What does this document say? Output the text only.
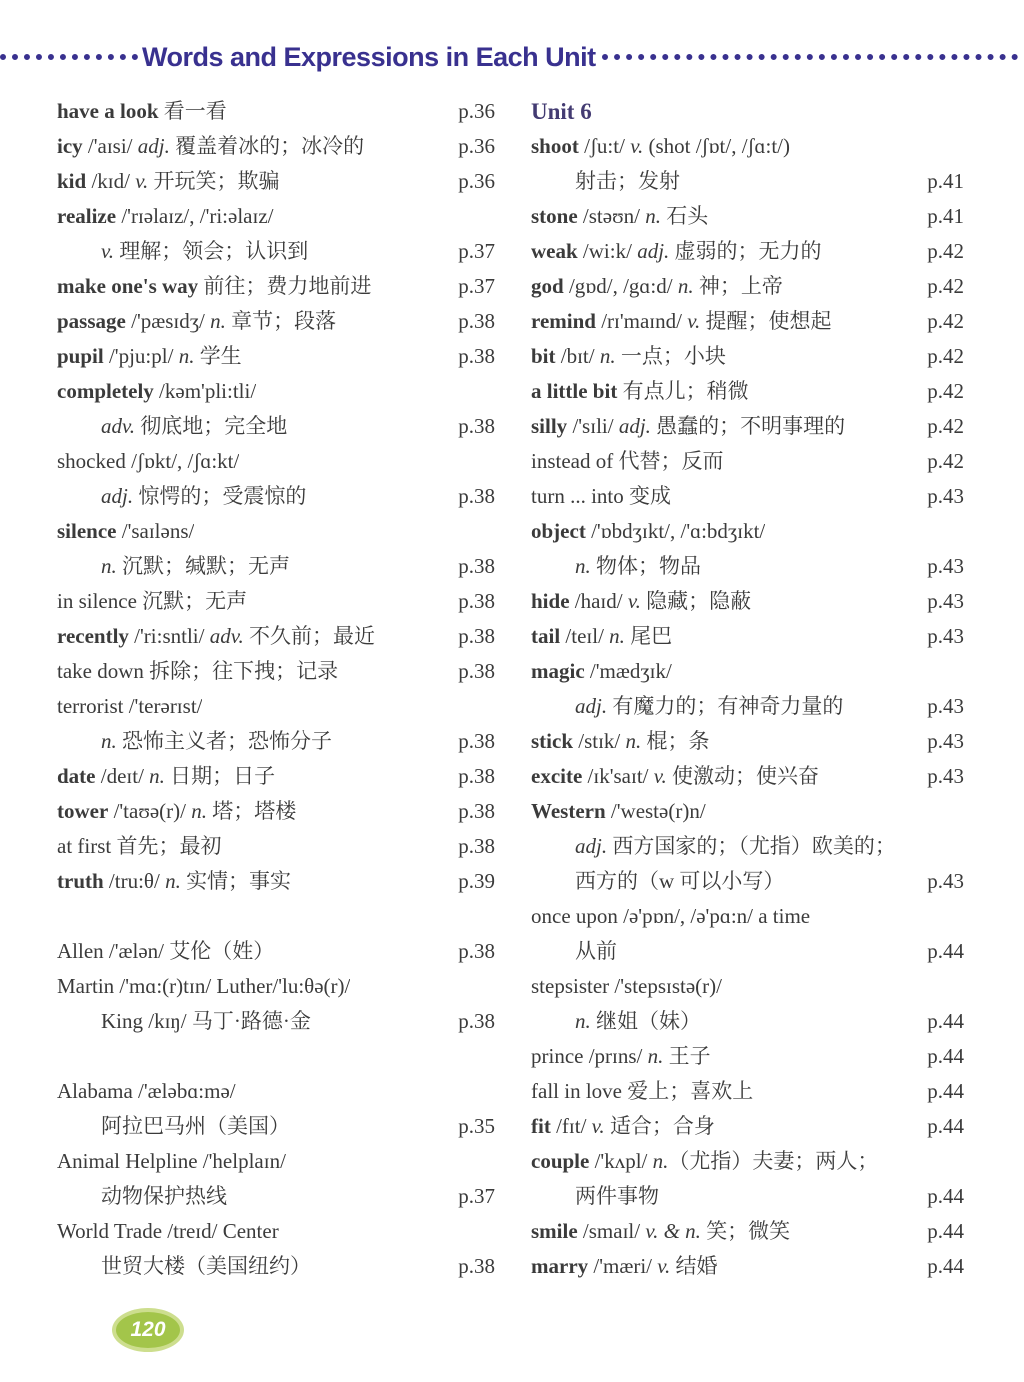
Words and Expressions in Each Unit
have a look 看一看	p.36
icy /'aɪsi/ adj. 覆盖着冰的；冰冷的	p.36
kid /kɪd/ v. 开玩笑；欺骗	p.36
realize /'rɪəlaɪz/, /'ri:əlaɪz/
v. 理解；领会；认识到	p.37
make one's way 前往；费力地前进	p.37
passage /'pæsɪdʒ/ n. 章节；段落	p.38
pupil /'pju:pl/ n. 学生	p.38
completely /kəm'pli:tli/
adv. 彻底地；完全地	p.38
shocked /ʃɒkt/, /ʃɑ:kt/
adj. 惊愕的；受震惊的	p.38
silence /'saɪləns/
n. 沉默；缄默；无声	p.38
in silence 沉默；无声	p.38
recently /'ri:sntli/ adv. 不久前；最近	p.38
take down 拆除；往下拽；记录	p.38
terrorist /'terərɪst/
n. 恐怖主义者；恐怖分子	p.38
date /deɪt/ n. 日期；日子	p.38
tower /'taʊə(r)/ n. 塔；塔楼	p.38
at first 首先；最初	p.38
truth /tru:θ/ n. 实情；事实	p.39
Allen /'ælən/ 艾伦（姓）	p.38
Martin /'mɑ:(r)tɪn/ Luther/'lu:θə(r)/
King /kɪŋ/ 马丁·路德·金	p.38
Alabama /'æləbɑ:mə/
阿拉巴马州（美国）	p.35
Animal Helpline /'helplaɪn/
动物保护热线	p.37
World Trade /treɪd/ Center
世贸大楼（美国纽约）	p.38
Unit 6
shoot /ʃu:t/ v. (shot /ʃɒt/, /ʃɑ:t/)
射击；发射	p.41
stone /stəʊn/ n. 石头	p.41
weak /wi:k/ adj. 虚弱的；无力的	p.42
god /gɒd/, /gɑ:d/ n. 神；上帝	p.42
remind /rɪ'maɪnd/ v. 提醒；使想起	p.42
bit /bɪt/ n. 一点；小块	p.42
a little bit 有点儿；稍微	p.42
silly /'sɪli/ adj. 愚蠢的；不明事理的	p.42
instead of 代替；反而	p.42
turn ... into 变成	p.43
object /'ɒbdʒɪkt/, /'ɑ:bdʒɪkt/
n. 物体；物品	p.43
hide /haɪd/ v. 隐藏；隐蔽	p.43
tail /teɪl/ n. 尾巴	p.43
magic /'mædʒɪk/
adj. 有魔力的；有神奇力量的	p.43
stick /stɪk/ n. 棍；条	p.43
excite /ɪk'saɪt/ v. 使激动；使兴奋	p.43
Western /'westə(r)n/
adj. 西方国家的；（尤指）欧美的；
西方的（w 可以小写）	p.43
once upon /ə'pɒn/, /ə'pɑ:n/ a time
从前	p.44
stepsister /'stepsɪstə(r)/
n. 继姐（妹）	p.44
prince /prɪns/ n. 王子	p.44
fall in love 爱上；喜欢上	p.44
fit /fɪt/ v. 适合；合身	p.44
couple /'kʌpl/ n.（尤指）夫妻；两人；
两件事物	p.44
smile /smaɪl/ v. & n. 笑；微笑	p.44
marry /'mæri/ v. 结婚	p.44
120
